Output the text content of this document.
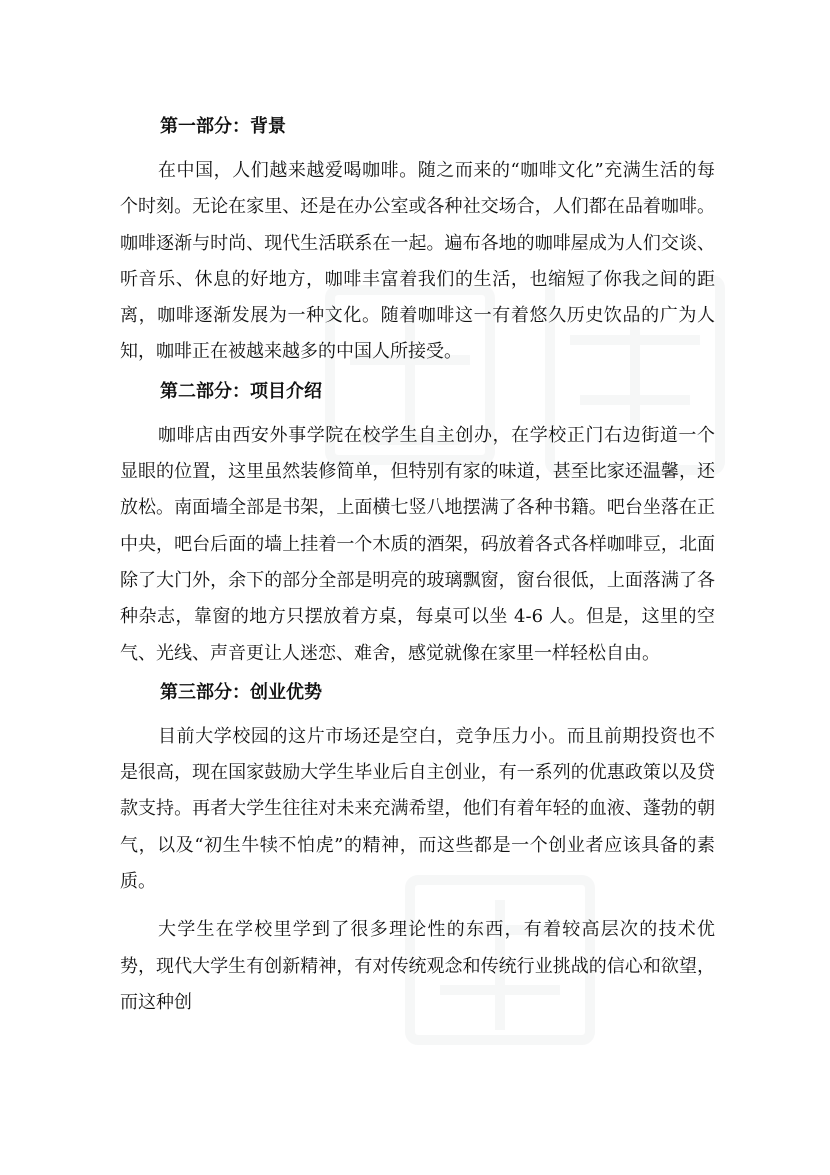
第一部分：背景

在中国，人们越来越爱喝咖啡。随之而来的“咖啡文化”充满生活的每个时刻。无论在家里、还是在办公室或各种社交场合，人们都在品着咖啡。咖啡逐渐与时尚、现代生活联系在一起。遍布各地的咖啡屋成为人们交谈、听音乐、休息的好地方，咖啡丰富着我们的生活，也缩短了你我之间的距离，咖啡逐渐发展为一种文化。随着咖啡这一有着悠久历史饮品的广为人知，咖啡正在被越来越多的中国人所接受。

第二部分：项目介绍

咖啡店由西安外事学院在校学生自主创办，在学校正门右边街道一个显眼的位置，这里虽然装修简单，但特别有家的味道，甚至比家还温馨，还放松。南面墙全部是书架，上面横七竖八地摆满了各种书籍。吧台坐落在正中央，吧台后面的墙上挂着一个木质的酒架，码放着各式各样咖啡豆，北面除了大门外，余下的部分全部是明亮的玻璃飘窗，窗台很低，上面落满了各种杂志，靠窗的地方只摆放着方桌，每桌可以坐 4-6 人。但是，这里的空气、光线、声音更让人迷恋、难舍，感觉就像在家里一样轻松自由。

第三部分：创业优势

目前大学校园的这片市场还是空白，竞争压力小。而且前期投资也不是很高，现在国家鼓励大学生毕业后自主创业，有一系列的优惠政策以及贷款支持。再者大学生往往对未来充满希望，他们有着年轻的血液、蓬勃的朝气，以及“初生牛犊不怕虎”的精神，而这些都是一个创业者应该具备的素质。

大学生在学校里学到了很多理论性的东西，有着较高层次的技术优势，现代大学生有创新精神，有对传统观念和传统行业挑战的信心和欲望，而这种创
